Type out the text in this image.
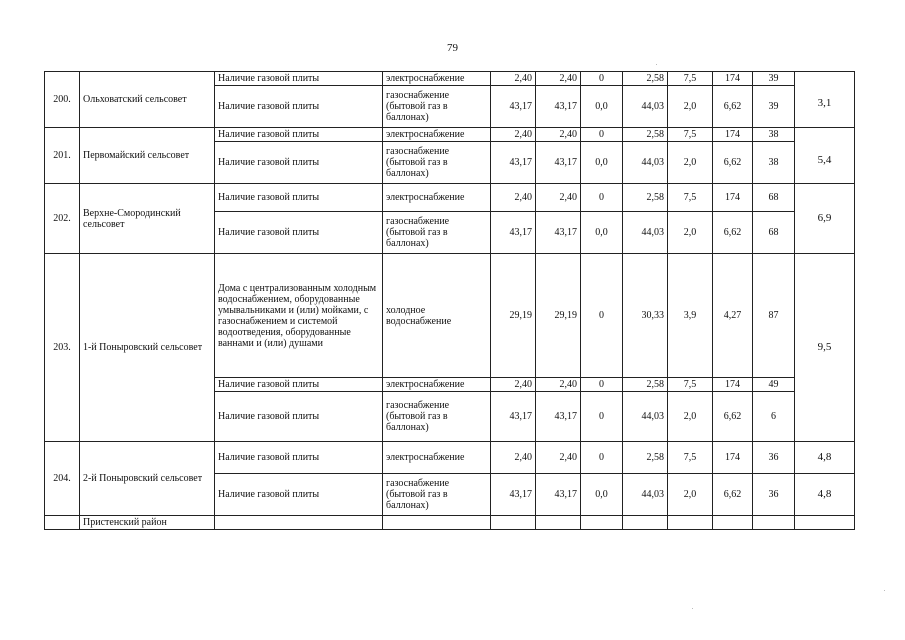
79
200.	Ольховатский сельсовет	Наличие газовой плиты	электроснабжение	2,40	2,40	0	2,58	7,5	174	39	3,1
		Наличие газовой плиты	газоснабжение (бытовой газ в баллонах)	43,17	43,17	0,0	44,03	2,0	6,62	39	
201.	Первомайский сельсовет	Наличие газовой плиты	электроснабжение	2,40	2,40	0	2,58	7,5	174	38	5,4
		Наличие газовой плиты	газоснабжение (бытовой газ в баллонах)	43,17	43,17	0,0	44,03	2,0	6,62	38	
202.	Верхне-Смородинский сельсовет	Наличие газовой плиты	электроснабжение	2,40	2,40	0	2,58	7,5	174	68	6,9
		Наличие газовой плиты	газоснабжение (бытовой газ в баллонах)	43,17	43,17	0,0	44,03	2,0	6,62	68	
203.	1-й Поныровский сельсовет	Дома с централизованным холодным водоснабжением, оборудованные умывальниками и (или) мойками, с газоснабжением и системой водоотведения, оборудованные ваннами и (или) душами	холодное водоснабжение	29,19	29,19	0	30,33	3,9	4,27	87	9,5
		Наличие газовой плиты	электроснабжение	2,40	2,40	0	2,58	7,5	174	49	
		Наличие газовой плиты	газоснабжение (бытовой газ в баллонах)	43,17	43,17	0	44,03	2,0	6,62	6	
204.	2-й Поныровский сельсовет	Наличие газовой плиты	электроснабжение	2,40	2,40	0	2,58	7,5	174	36	4,8
		Наличие газовой плиты	газоснабжение (бытовой газ в баллонах)	43,17	43,17	0,0	44,03	2,0	6,62	36	4,8
	Пристенский район										
